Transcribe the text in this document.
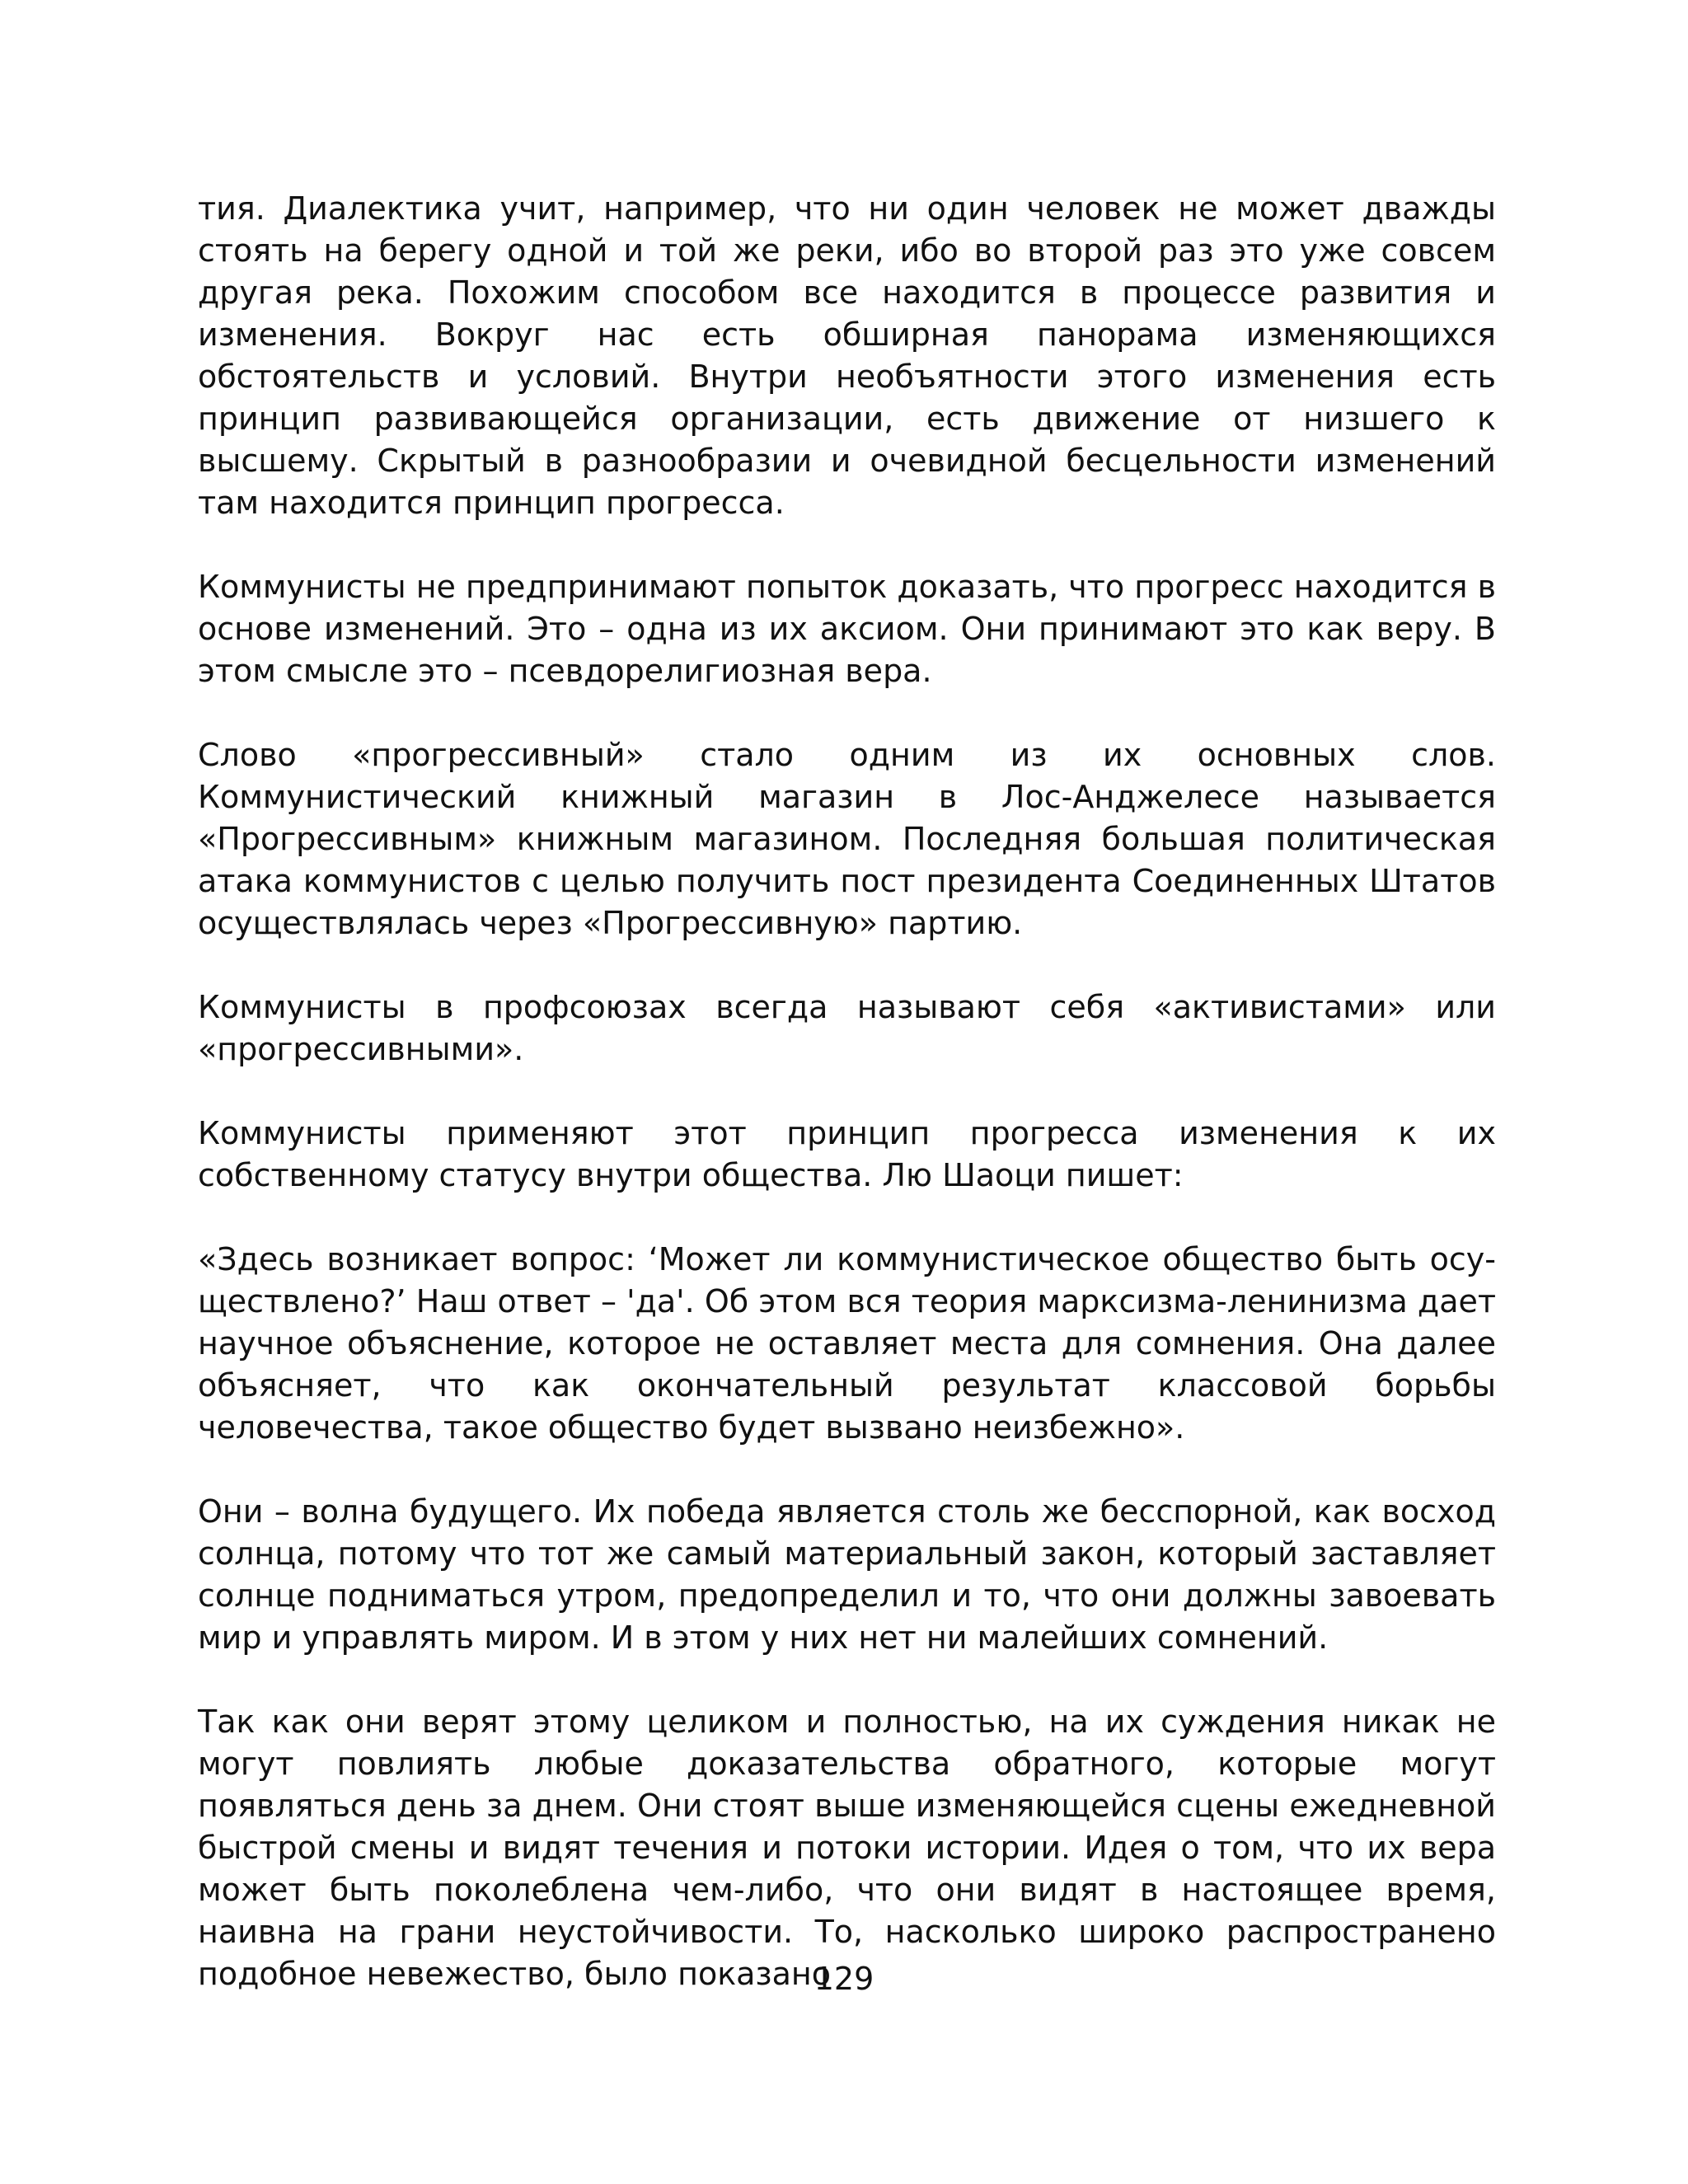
тия. Диалектика учит, например, что ни один человек не может дважды стоять на берегу одной и той же реки, ибо во второй раз это уже совсем другая река. Похожим способом все находится в процессе развития и изменения. Вокруг нас есть обширная панорама изменяющихся обстоятельств и условий. Внутри необъятности этого изменения есть принцип развивающейся организации, есть движение от низшего к высшему. Скрытый в разнообразии и очевидной бесцельности изменений там находится принцип прогресса.

Коммунисты не предпринимают попыток доказать, что прогресс находится в основе изменений. Это – одна из их аксиом. Они принимают это как веру. В этом смысле это – псевдорелигиозная вера.

Слово «прогрессивный» стало одним из их основных слов. Коммунистический книжный магазин в Лос-Анджелесе называется «Прогрессивным» книжным магазином. Последняя большая политическая атака коммунистов с целью получить пост президента Соединенных Штатов осуществлялась через «Прогрессивную» партию.

Коммунисты в профсоюзах всегда называют себя «активистами» или «прогрессивными».

Коммунисты применяют этот принцип прогресса изменения к их собственному статусу внутри общества. Лю Шаоци пишет:

«Здесь возникает вопрос: ‘Может ли коммунистическое общество быть осуществлено?’ Наш ответ – 'да'. Об этом вся теория марксизма-ленинизма дает научное объяснение, которое не оставляет места для сомнения. Она далее объясняет, что как окончательный результат классовой борьбы человечества, такое общество будет вызвано неизбежно».

Они – волна будущего. Их победа является столь же бесспорной, как восход солнца, потому что тот же самый материальный закон, который заставляет солнце подниматься утром, предопределил и то, что они должны завоевать мир и управлять миром. И в этом у них нет ни малейших сомнений.

Так как они верят этому целиком и полностью, на их суждения никак не могут повлиять любые доказательства обратного, которые могут появляться день за днем. Они стоят выше изменяющейся сцены ежедневной быстрой смены и видят течения и потоки истории. Идея о том, что их вера может быть поколеблена чем-либо, что они видят в настоящее время, наивна на грани неустойчивости. То, насколько широко распространено подобное невежество, было показано

129
